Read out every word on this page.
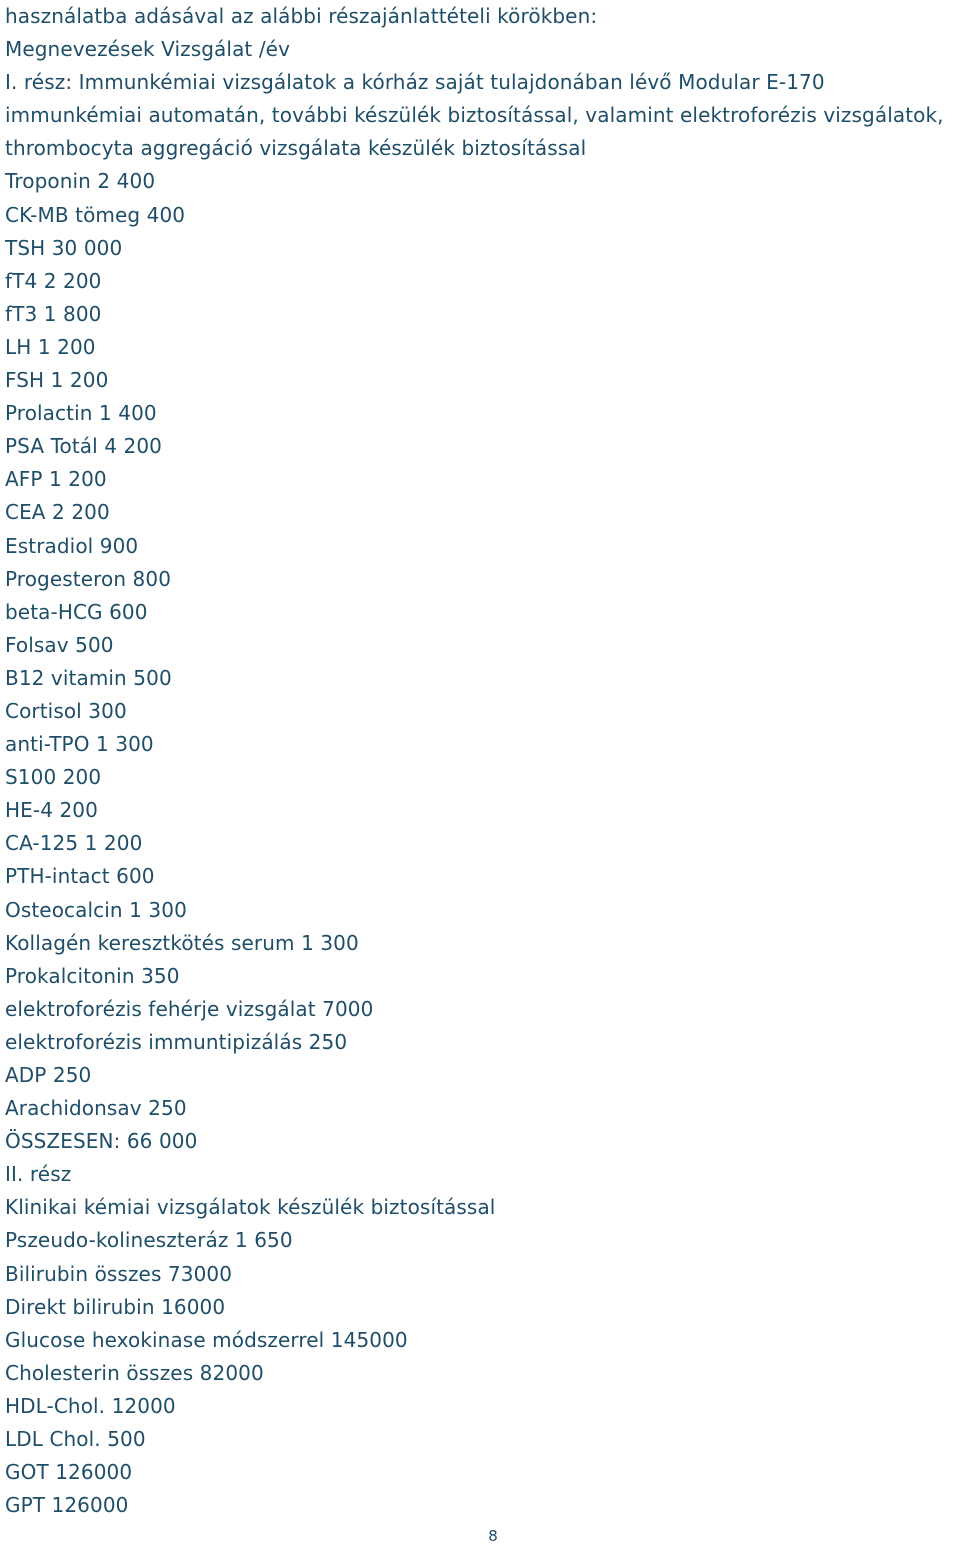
használatba adásával az alábbi részajánlattételi körökben:
Megnevezések Vizsgálat /év
I. rész: Immunkémiai vizsgálatok a kórház saját tulajdonában lévő Modular E-170
immunkémiai automatán, további készülék biztosítással, valamint elektroforézis vizsgálatok,
thrombocyta aggregáció vizsgálata készülék biztosítással
Troponin 2 400
CK-MB tömeg 400
TSH 30 000
fT4 2 200
fT3 1 800
LH 1 200
FSH 1 200
Prolactin 1 400
PSA Totál 4 200
AFP 1 200
CEA 2 200
Estradiol 900
Progesteron 800
beta-HCG 600
Folsav 500
B12 vitamin 500
Cortisol 300
anti-TPO 1 300
S100 200
HE-4 200
CA-125 1 200
PTH-intact 600
Osteocalcin 1 300
Kollagén keresztkötés serum 1 300
Prokalcitonin 350
elektroforézis fehérje vizsgálat 7000
elektroforézis immuntipizálás 250
ADP 250
Arachidonsav 250
ÖSSZESEN: 66 000
II. rész
Klinikai kémiai vizsgálatok készülék biztosítással
Pszeudo-kolineszteráz 1 650
Bilirubin összes 73000
Direkt bilirubin 16000
Glucose hexokinase módszerrel 145000
Cholesterin összes 82000
HDL-Chol. 12000
LDL Chol. 500
GOT 126000
GPT 126000
8
